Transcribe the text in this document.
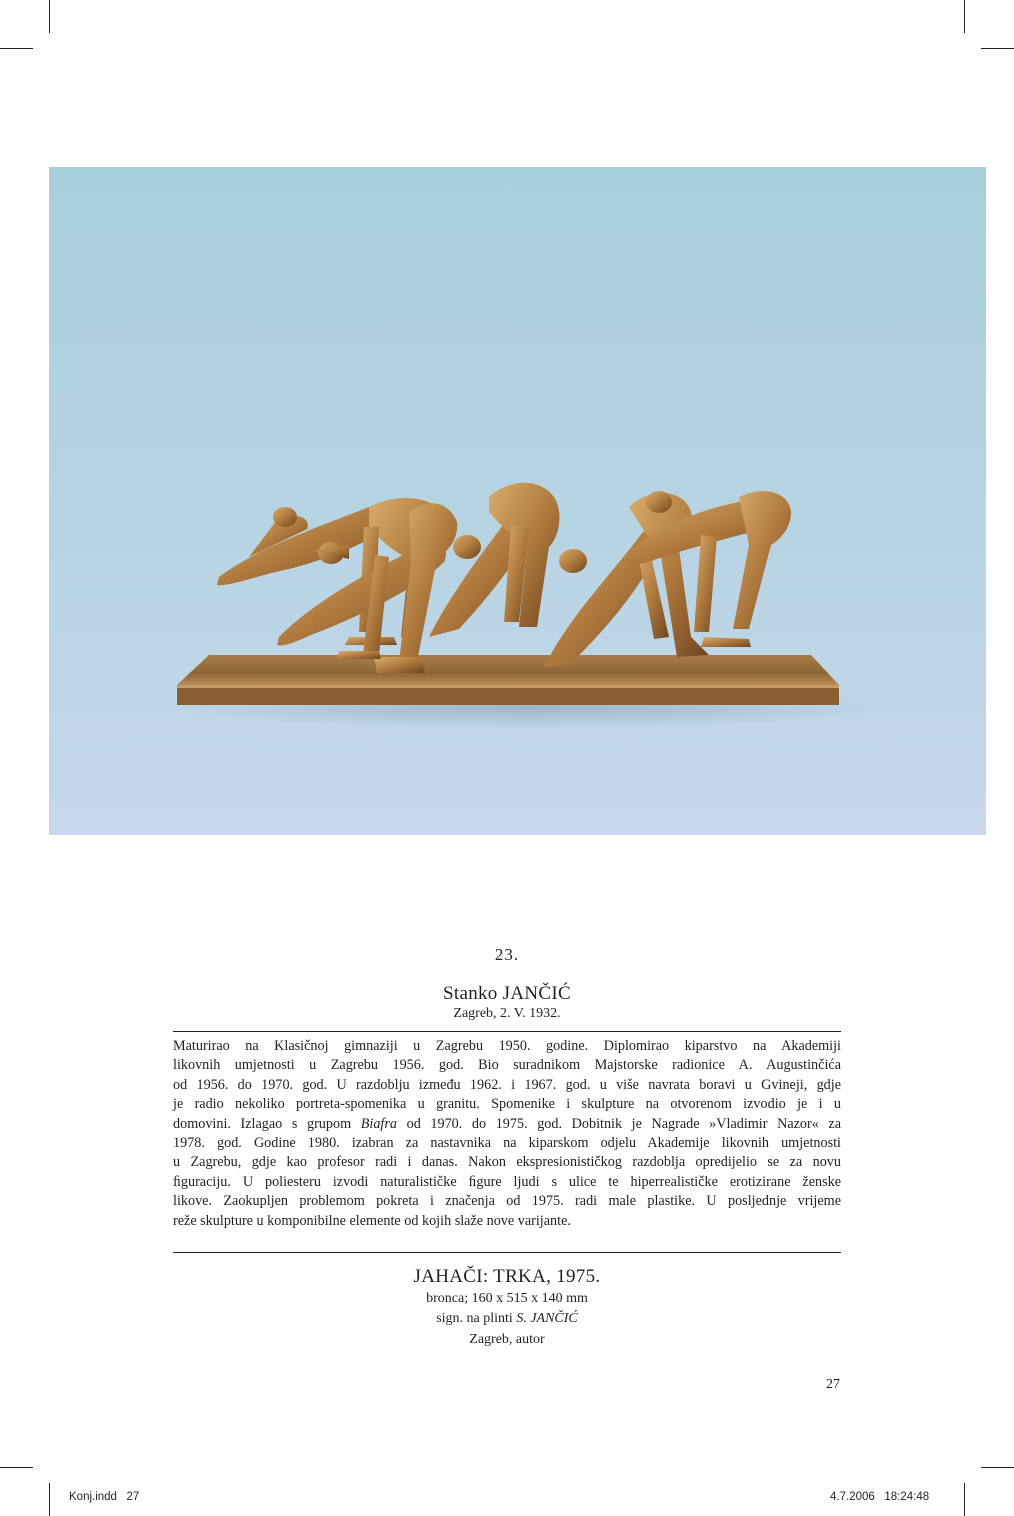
23.
Stanko JANČIĆ
Zagreb, 2. V. 1932.
Maturirao na Klasičnoj gimnaziji u Zagrebu 1950. godine. Diplomirao kiparstvo na Akademiji
likovnih umjetnosti u Zagrebu 1956. god. Bio suradnikom Majstorske radionice A. Augustinčića
od 1956. do 1970. god. U razdoblju između 1962. i 1967. god. u više navrata boravi u Gvineji, gdje
je radio nekoliko portreta-spomenika u granitu. Spomenike i skulpture na otvorenom izvodio je i u
domovini. Izlagao s grupom Biafra od 1970. do 1975. god. Dobitnik je Nagrade »Vladimir Nazor« za
1978. god. Godine 1980. izabran za nastavnika na kiparskom odjelu Akademije likovnih umjetnosti
u Zagrebu, gdje kao profesor radi i danas. Nakon ekspresionističkog razdoblja opredijelio se za novu
ﬁguraciju. U poliesteru izvodi naturalističke ﬁgure ljudi s ulice te hiperrealističke erotizirane ženske
likove. Zaokupljen problemom pokreta i značenja od 1975. radi male plastike. U posljednje vrijeme
reže skulpture u komponibilne elemente od kojih slaže nove varijante.
JAHAČI: TRKA, 1975.
bronca; 160 x 515 x 140 mm
sign. na plinti S. JANČIĆ
Zagreb, autor
27
Konj.indd   27	4.7.2006   18:24:48
